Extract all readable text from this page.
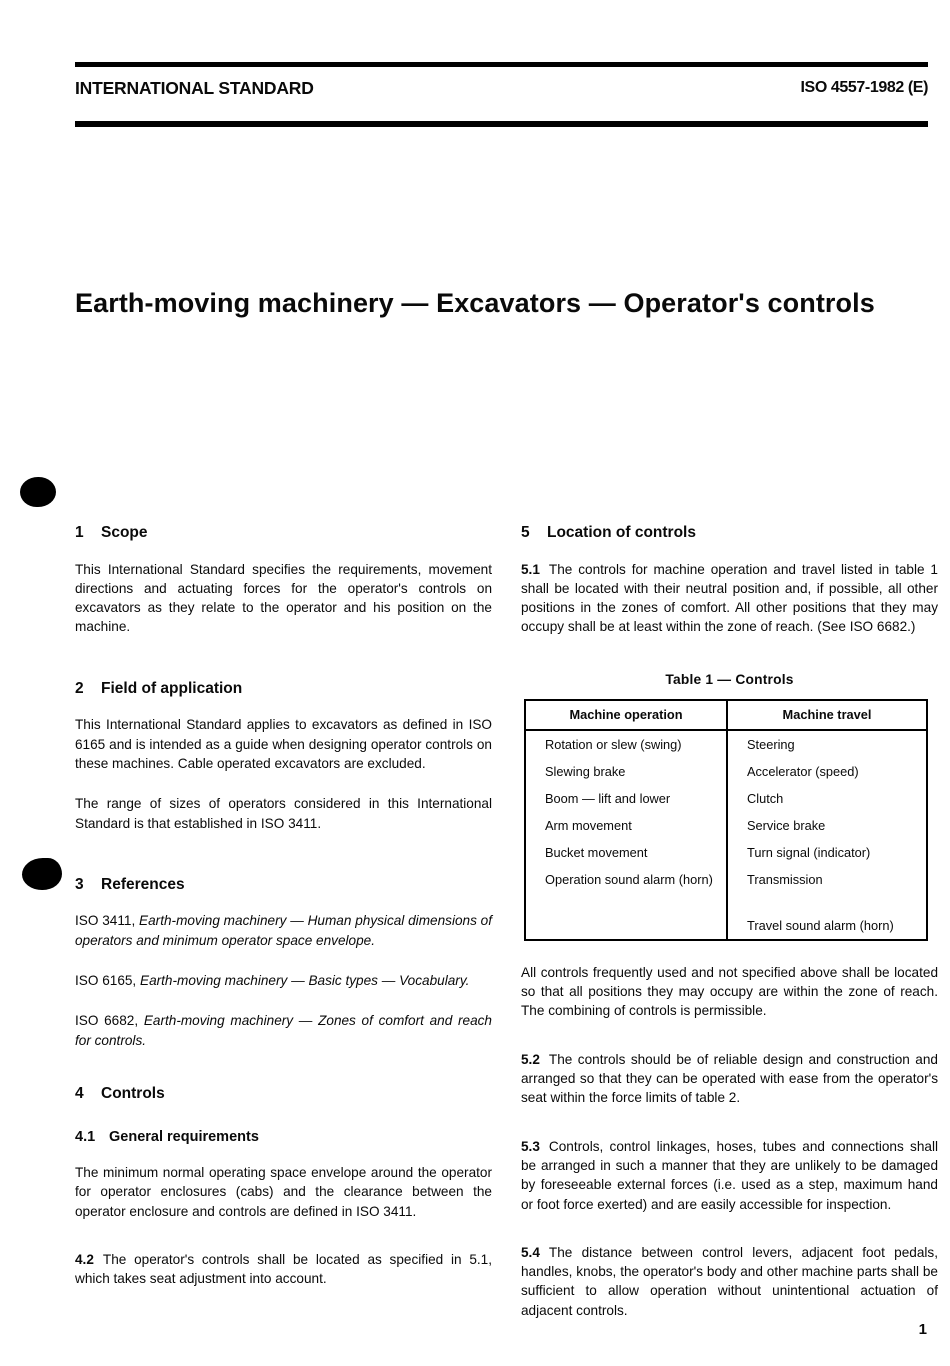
INTERNATIONAL STANDARD	ISO 4557-1982 (E)
Earth-moving machinery — Excavators — Operator's controls
1 Scope

This International Standard specifies the requirements, movement directions and actuating forces for the operator's controls on excavators as they relate to the operator and his position on the machine.

2 Field of application

This International Standard applies to excavators as defined in ISO 6165 and is intended as a guide when designing operator controls on these machines. Cable operated excavators are excluded.

The range of sizes of operators considered in this International Standard is that established in ISO 3411.

3 References

ISO 3411, Earth-moving machinery — Human physical dimensions of operators and minimum operator space envelope.

ISO 6165, Earth-moving machinery — Basic types — Vocabulary.

ISO 6682, Earth-moving machinery — Zones of comfort and reach for controls.

4 Controls
4.1 General requirements

The minimum normal operating space envelope around the operator for operator enclosures (cabs) and the clearance between the operator enclosure and controls are defined in ISO 3411.

4.2 The operator's controls shall be located as specified in 5.1, which takes seat adjustment into account.

5 Location of controls

5.1 The controls for machine operation and travel listed in table 1 shall be located with their neutral position and, if possible, all other positions in the zones of comfort. All other positions that they may occupy shall be at least within the zone of reach. (See ISO 6682.)

Table 1 — Controls
Machine operation	Machine travel
Rotation or slew (swing)	Steering
Slewing brake	Accelerator (speed)
Boom — lift and lower	Clutch
Arm movement	Service brake
Bucket movement	Turn signal (indicator)
Operation sound alarm (horn)	Transmission

	Travel sound alarm (horn)

All controls frequently used and not specified above shall be located so that all positions they may occupy are within the zone of reach. The combining of controls is permissible.

5.2 The controls should be of reliable design and construction and arranged so that they can be operated with ease from the operator's seat within the force limits of table 2.

5.3 Controls, control linkages, hoses, tubes and connections shall be arranged in such a manner that they are unlikely to be damaged by foreseeable external forces (i.e. used as a step, maximum hand or foot force exerted) and are easily accessible for inspection.

5.4 The distance between control levers, adjacent foot pedals, handles, knobs, the operator's body and other machine parts shall be sufficient to allow operation without unintentional actuation of adjacent controls.

1
